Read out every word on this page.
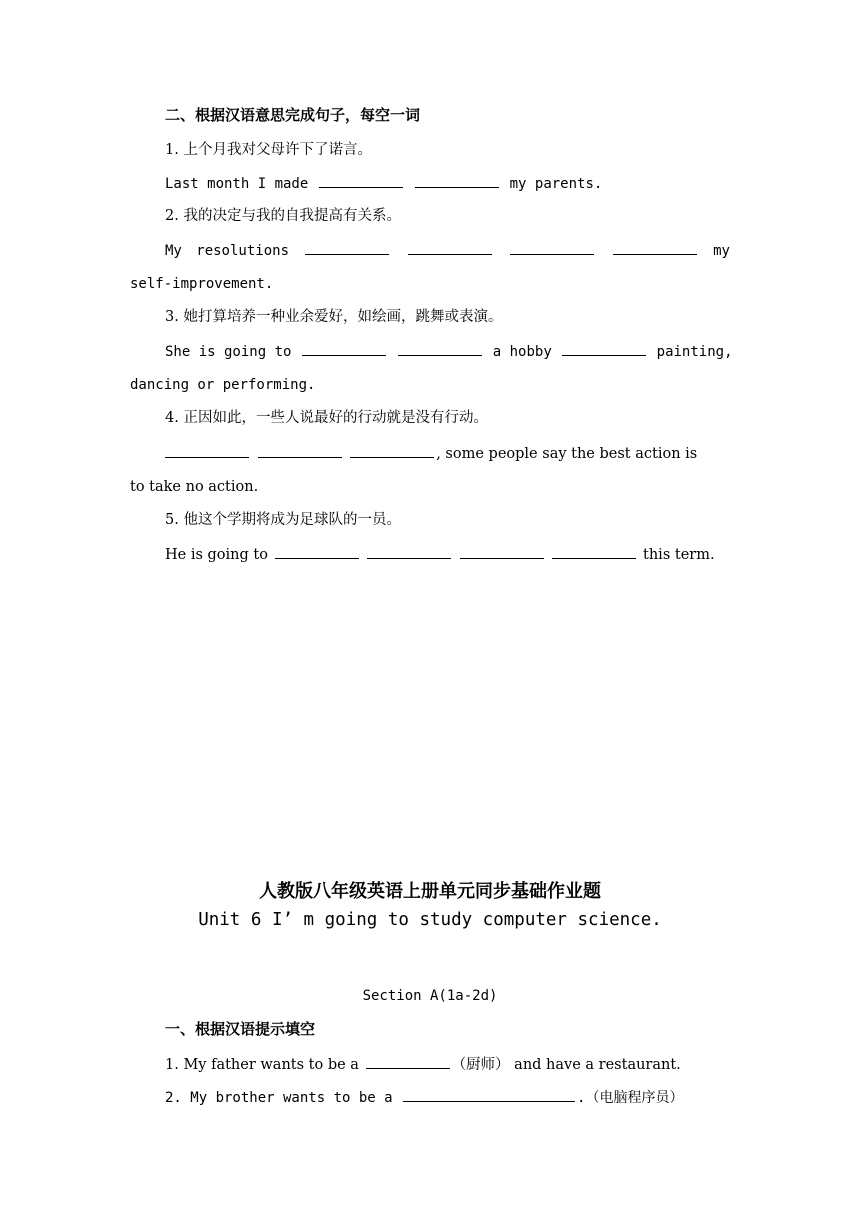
二、根据汉语意思完成句子，每空一词
1. 上个月我对父母许下了诺言。
Last month I made	my parents.
2. 我的决定与我的自我提高有关系。
My resolutions	my
self-improvement.
3. 她打算培养一种业余爱好，如绘画，跳舞或表演。
She is going to	a hobby	painting,
dancing or performing.
4. 正因如此，一些人说最好的行动就是没有行动。
, some people say the best action is
to take no action.
5. 他这个学期将成为足球队的一员。
He is going to	this term.
人教版八年级英语上册单元同步基础作业题
Unit 6 I’ m going to study computer science.
Section A(1a-2d)
一、根据汉语提示填空
1. My father wants to be a	（厨师） and have a restaurant.
2. My brother wants to be a	.（电脑程序员）
